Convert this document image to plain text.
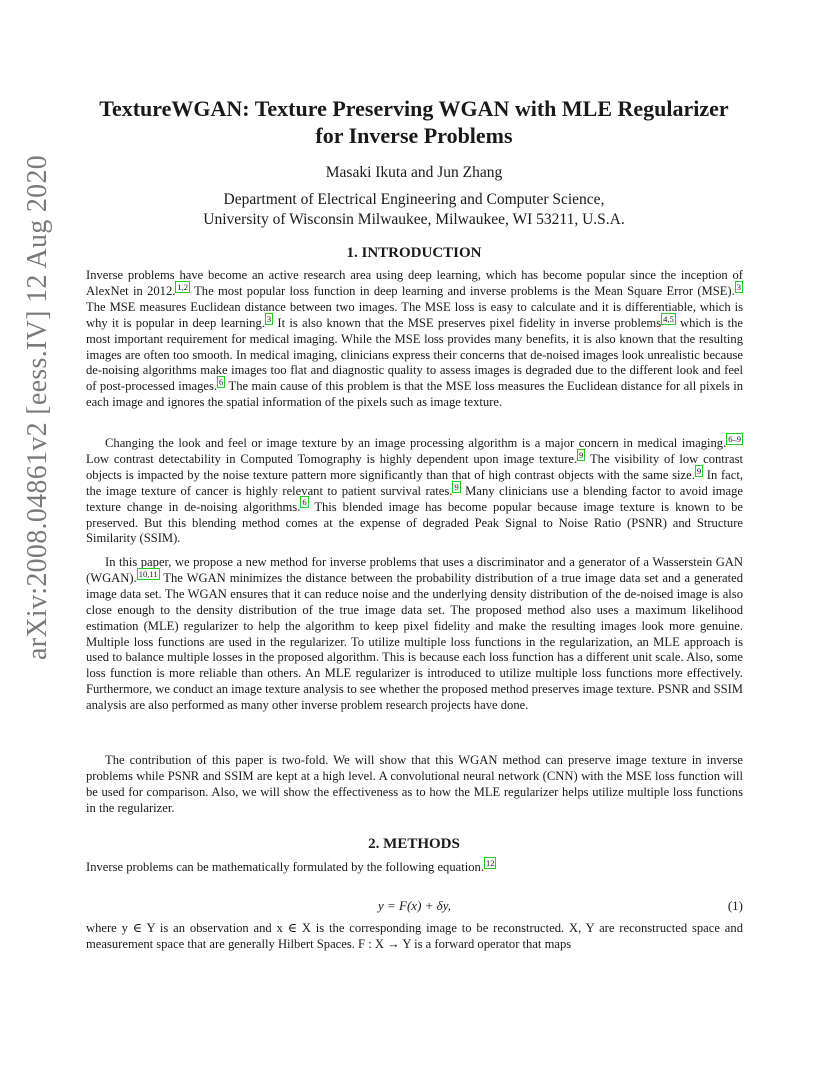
arXiv:2008.04861v2 [eess.IV] 12 Aug 2020
TextureWGAN: Texture Preserving WGAN with MLE Regularizer for Inverse Problems
Masaki Ikuta and Jun Zhang
Department of Electrical Engineering and Computer Science,
University of Wisconsin Milwaukee, Milwaukee, WI 53211, U.S.A.
1. INTRODUCTION
Inverse problems have become an active research area using deep learning, which has become popular since the inception of AlexNet in 2012. $^{1,2}$ The most popular loss function in deep learning and inverse problems is the Mean Square Error (MSE). $^3$ The MSE measures Euclidean distance between two images. The MSE loss is easy to calculate and it is differentiable, which is why it is popular in deep learning. $^3$ It is also known that the MSE preserves pixel fidelity in inverse problems $^{4,5}$ which is the most important requirement for medical imaging. While the MSE loss provides many benefits, it is also known that the resulting images are often too smooth. In medical imaging, clinicians express their concerns that de-noised images look unrealistic because de-noising algorithms make images too flat and diagnostic quality to assess images is degraded due to the different look and feel of post-processed images. $^6$ The main cause of this problem is that the MSE loss measures the Euclidean distance for all pixels in each image and ignores the spatial information of the pixels such as image texture.
Changing the look and feel or image texture by an image processing algorithm is a major concern in medical imaging. $^{6-9}$ Low contrast detectability in Computed Tomography is highly dependent upon image texture. $^9$ The visibility of low contrast objects is impacted by the noise texture pattern more significantly than that of high contrast objects with the same size. $^9$ In fact, the image texture of cancer is highly relevant to patient survival rates. $^9$ Many clinicians use a blending factor to avoid image texture change in de-noising algorithms. $^6$ This blended image has become popular because image texture is known to be preserved. But this blending method comes at the expense of degraded Peak Signal to Noise Ratio (PSNR) and Structure Similarity (SSIM).
In this paper, we propose a new method for inverse problems that uses a discriminator and a generator of a Wasserstein GAN (WGAN). $^{10,11}$ The WGAN minimizes the distance between the probability distribution of a true image data set and a generated image data set. The WGAN ensures that it can reduce noise and the underlying density distribution of the de-noised image is also close enough to the density distribution of the true image data set. The proposed method also uses a maximum likelihood estimation (MLE) regularizer to help the algorithm to keep pixel fidelity and make the resulting images look more genuine. Multiple loss functions are used in the regularizer. To utilize multiple loss functions in the regularization, an MLE approach is used to balance multiple losses in the proposed algorithm. This is because each loss function has a different unit scale. Also, some loss function is more reliable than others. An MLE regularizer is introduced to utilize multiple loss functions more effectively. Furthermore, we conduct an image texture analysis to see whether the proposed method preserves image texture. PSNR and SSIM analysis are also performed as many other inverse problem research projects have done.
The contribution of this paper is two-fold. We will show that this WGAN method can preserve image texture in inverse problems while PSNR and SSIM are kept at a high level. A convolutional neural network (CNN) with the MSE loss function will be used for comparison. Also, we will show the effectiveness as to how the MLE regularizer helps utilize multiple loss functions in the regularizer.
2. METHODS
Inverse problems can be mathematically formulated by the following equation. $^{12}$
y = F(x) + δy,	(1)
where y ∈ Y is an observation and x ∈ X is the corresponding image to be reconstructed. X, Y are reconstructed space and measurement space that are generally Hilbert Spaces. F : X → Y is a forward operator that maps
